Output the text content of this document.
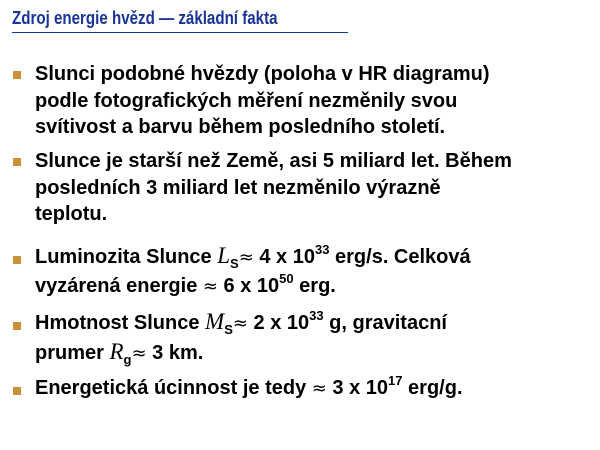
Zdroj energie hvězd — základní fakta
Slunci podobné hvězdy (poloha v HR diagramu)
podle fotografických měření nezměnily svou
svítivost a barvu během posledního století.
Slunce je starší než Země, asi 5 miliard let. Během
posledních 3 miliard let nezměnilo výrazně
teplotu.
Luminozita Slunce $L_S\approx 4$ x $10^{33}$ erg/s. Celková
vyzárená energie ≈ 6 x $10^{50}$ erg.
Hmotnost Slunce $M_S\approx 2$ x $10^{33}$ g, gravitacní
prumer $R_g\approx 3$ km.
Energetická úcinnost je tedy ≈ 3 x $10^{17}$ erg/g.
